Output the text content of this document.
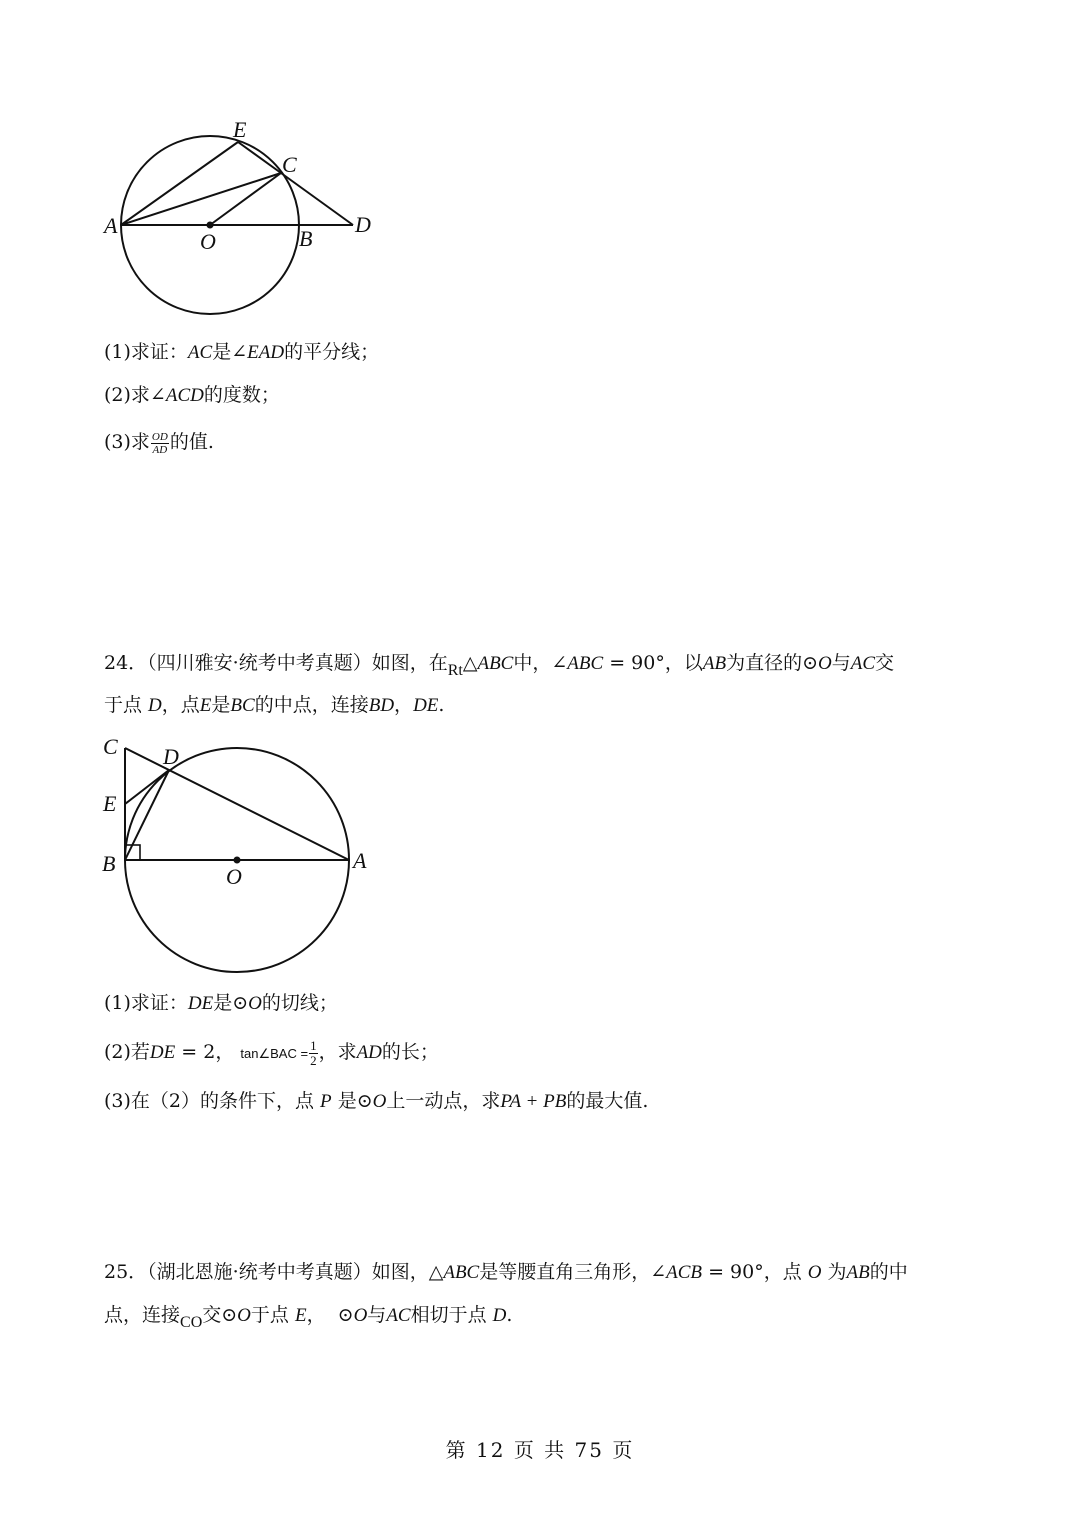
A
E
C
D
O	B
(1)求证：AC是∠EAD的平分线；
(2)求∠ACD的度数；
(3)求 $\frac{OD}{AD}$ 的值.
24．（四川雅安·统考中考真题）如图，在$_{Rt}$△ABC中，∠ABC = 90°，以AB为直径的⊙O与AC交
于点 D，点E是BC的中点，连接BD，DE.
C D
E
B
O
A
(1)求证：DE是⊙O的切线；
(2)若DE = 2， tan∠BAC = $\frac{1}{2}$ ，求AD的长；
(3)在（2）的条件下，点 P 是⊙O上一动点，求PA + PB的最大值.
25．（湖北恩施·统考中考真题）如图，△ABC是等腰直角三角形，∠ACB = 90°，点 O 为AB的中
点，连接$_{CO}$交⊙O于点 E，  ⊙O与AC相切于点 D.
第 12 页 共 75 页
